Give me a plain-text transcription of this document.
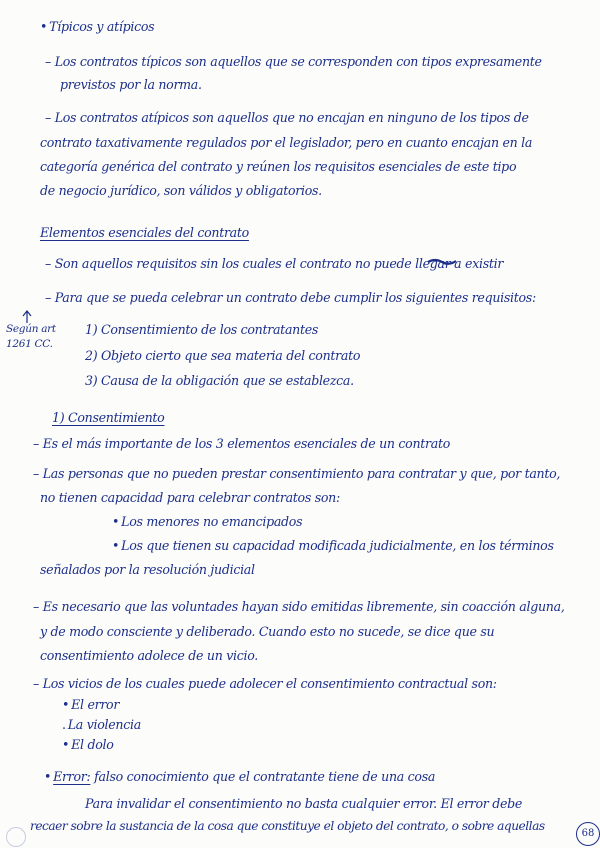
• Típicos y atípicos
– Los contratos típicos son aquellos que se corresponden con tipos expresamente
previstos por la norma.
– Los contratos atípicos son aquellos que no encajan en ninguno de los tipos de
contrato taxativamente regulados por el legislador, pero en cuanto encajan en la
categoría genérica del contrato y reúnen los requisitos esenciales de este tipo
de negocio jurídico, son válidos y obligatorios.
Elementos esenciales del contrato
– Son aquellos requisitos sin los cuales el contrato no puede llegar a existir
– Para que se pueda celebrar un contrato debe cumplir los siguientes requisitos:
Según art
1261 CC.
1) Consentimiento de los contratantes
2) Objeto cierto que sea materia del contrato
3) Causa de la obligación que se establezca.
1) Consentimiento
– Es el más importante de los 3 elementos esenciales de un contrato
– Las personas que no pueden prestar consentimiento para contratar y que, por tanto,
no tienen capacidad para celebrar contratos son:
• Los menores no emancipados
• Los que tienen su capacidad modificada judicialmente, en los términos
señalados por la resolución judicial
– Es necesario que las voluntades hayan sido emitidas libremente, sin coacción alguna,
y de modo consciente y deliberado. Cuando esto no sucede, se dice que su
consentimiento adolece de un vicio.
– Los vicios de los cuales puede adolecer el consentimiento contractual son:
• El error
. La violencia
• El dolo
• Error: falso conocimiento que el contratante tiene de una cosa
Para invalidar el consentimiento no basta cualquier error. El error debe
recaer sobre la sustancia de la cosa que constituye el objeto del contrato, o sobre aquellas
68
